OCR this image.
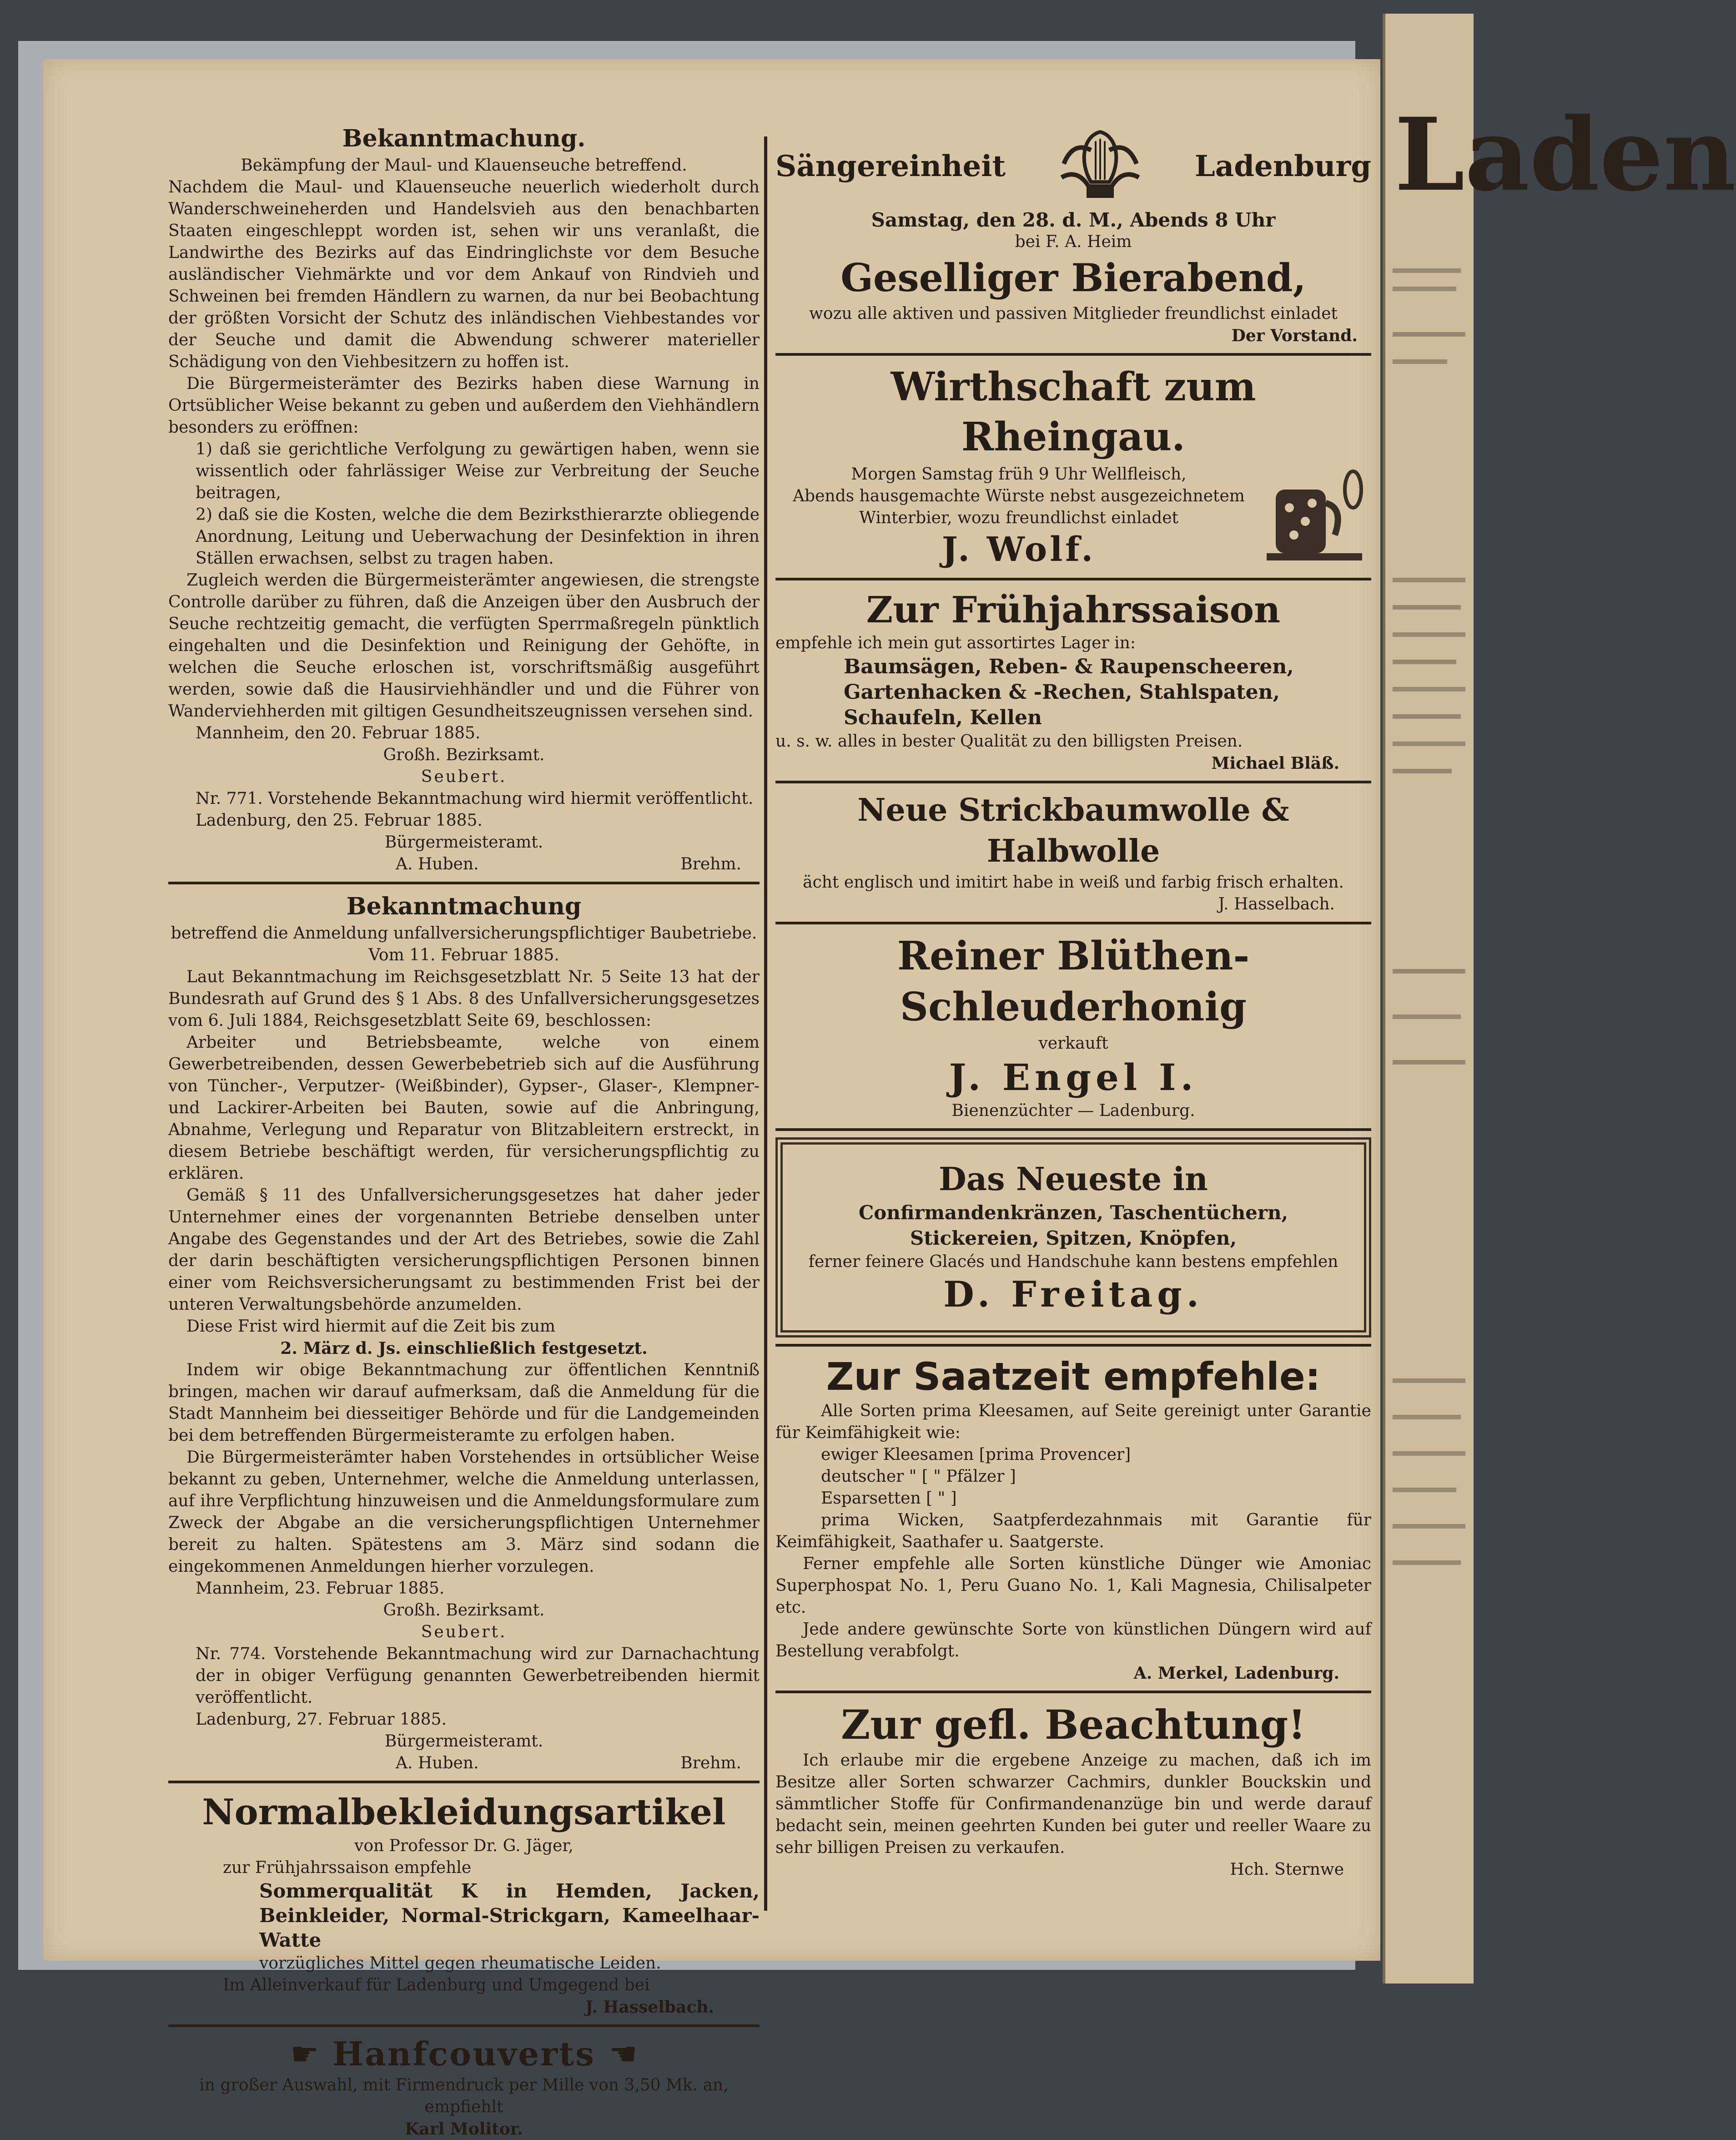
Laden
Bekanntmachung.

Bekämpfung der Maul- und Klauenseuche betreffend.

Nachdem die Maul- und Klauenseuche neuerlich wiederholt durch Wanderschweineherden und Handelsvieh aus den benachbarten Staaten eingeschleppt worden ist, sehen wir uns veranlaßt, die Landwirthe des Bezirks auf das Eindringlichste vor dem Besuche ausländischer Viehmärkte und vor dem Ankauf von Rindvieh und Schweinen bei fremden Händlern zu warnen, da nur bei Beobachtung der größten Vorsicht der Schutz des inländischen Viehbestandes vor der Seuche und damit die Abwendung schwerer materieller Schädigung von den Viehbesitzern zu hoffen ist.

Die Bürgermeisterämter des Bezirks haben diese Warnung in Ortsüblicher Weise bekannt zu geben und außerdem den Viehhändlern besonders zu eröffnen:

1) daß sie gerichtliche Verfolgung zu gewärtigen haben, wenn sie wissentlich oder fahrlässiger Weise zur Verbreitung der Seuche beitragen,

2) daß sie die Kosten, welche die dem Bezirksthierarzte obliegende Anordnung, Leitung und Ueberwachung der Desinfektion in ihren Ställen erwachsen, selbst zu tragen haben.

Zugleich werden die Bürgermeisterämter angewiesen, die strengste Controlle darüber zu führen, daß die Anzeigen über den Ausbruch der Seuche rechtzeitig gemacht, die verfügten Sperrmaßregeln pünktlich eingehalten und die Desinfektion und Reinigung der Gehöfte, in welchen die Seuche erloschen ist, vorschriftsmäßig ausgeführt werden, sowie daß die Hausirviehhändler und und die Führer von Wanderviehherden mit giltigen Gesundheitszeugnissen versehen sind.

Mannheim, den 20. Februar 1885.

Großh. Bezirksamt.

Seubert.

Nr. 771. Vorstehende Bekanntmachung wird hiermit veröffentlicht.

Ladenburg, den 25. Februar 1885.

Bürgermeisteramt.

A. Huben.	Brehm.
Bekanntmachung

betreffend die Anmeldung unfallversicherungspflichtiger Baubetriebe.

Vom 11. Februar 1885.

Laut Bekanntmachung im Reichsgesetzblatt Nr. 5 Seite 13 hat der Bundesrath auf Grund des § 1 Abs. 8 des Unfallversicherungsgesetzes vom 6. Juli 1884, Reichsgesetzblatt Seite 69, beschlossen:

Arbeiter und Betriebsbeamte, welche von einem Gewerbetreibenden, dessen Gewerbebetrieb sich auf die Ausführung von Tüncher-, Verputzer- (Weißbinder), Gypser-, Glaser-, Klempner- und Lackirer-Arbeiten bei Bauten, sowie auf die Anbringung, Abnahme, Verlegung und Reparatur von Blitzableitern erstreckt, in diesem Betriebe beschäftigt werden, für versicherungspflichtig zu erklären.

Gemäß § 11 des Unfallversicherungsgesetzes hat daher jeder Unternehmer eines der vorgenannten Betriebe denselben unter Angabe des Gegenstandes und der Art des Betriebes, sowie die Zahl der darin beschäftigten versicherungspflichtigen Personen binnen einer vom Reichsversicherungsamt zu bestimmenden Frist bei der unteren Verwaltungsbehörde anzumelden.

Diese Frist wird hiermit auf die Zeit bis zum

2. März d. Js. einschließlich festgesetzt.

Indem wir obige Bekanntmachung zur öffentlichen Kenntniß bringen, machen wir darauf aufmerksam, daß die Anmeldung für die Stadt Mannheim bei diesseitiger Behörde und für die Landgemeinden bei dem betreffenden Bürgermeisteramte zu erfolgen haben.

Die Bürgermeisterämter haben Vorstehendes in ortsüblicher Weise bekannt zu geben, Unternehmer, welche die Anmeldung unterlassen, auf ihre Verpflichtung hinzuweisen und die Anmeldungsformulare zum Zweck der Abgabe an die versicherungspflichtigen Unternehmer bereit zu halten. Spätestens am 3. März sind sodann die eingekommenen Anmeldungen hierher vorzulegen.

Mannheim, 23. Februar 1885.

Großh. Bezirksamt.

Seubert.

Nr. 774. Vorstehende Bekanntmachung wird zur Darnachachtung der in obiger Verfügung genannten Gewerbetreibenden hiermit veröffentlicht.

Ladenburg, 27. Februar 1885.

Bürgermeisteramt.

A. Huben.	Brehm.
Normalbekleidungsartikel

von Professor Dr. G. Jäger,

zur Frühjahrssaison empfehle

Sommerqualität K in Hemden, Jacken, Beinkleider, Normal-Strickgarn, Kameelhaar-Watte

vorzügliches Mittel gegen rheumatische Leiden.

Im Alleinverkauf für Ladenburg und Umgegend bei

J. Hasselbach.

☛ Hanfcouverts ☚

in großer Auswahl, mit Firmendruck per Mille von 3,50 Mk. an, empfiehlt

Karl Molitor.

Sängereinheit	Ladenburg

Samstag, den 28. d. M., Abends 8 Uhr

bei F. A. Heim

Geselliger Bierabend,

wozu alle aktiven und passiven Mitglieder freundlichst einladet

Der Vorstand.

Wirthschaft zum Rheingau.

Morgen Samstag früh 9 Uhr Wellfleisch,

Abends hausgemachte Würste nebst ausgezeichnetem Winterbier, wozu freundlichst einladet

J. Wolf.
Zur Frühjahrssaison

empfehle ich mein gut assortirtes Lager in:

Baumsägen, Reben- & Raupenscheeren, Gartenhacken & -Rechen, Stahlspaten, Schaufeln, Kellen

u. s. w. alles in bester Qualität zu den billigsten Preisen.

Michael Bläß.

Neue Strickbaumwolle & Halbwolle

ächt englisch und imitirt habe in weiß und farbig frisch erhalten.

J. Hasselbach.

Reiner Blüthen-Schleuderhonig

verkauft

J. Engel I.

Bienenzüchter — Ladenburg.

Das Neueste in

Confirmandenkränzen, Taschentüchern, Stickereien, Spitzen, Knöpfen,

ferner feinere Glacés und Handschuhe kann bestens empfehlen

D. Freitag.
Zur Saatzeit empfehle:

Alle Sorten prima Kleesamen, auf Seite gereinigt unter Garantie für Keimfähigkeit wie:

ewiger Kleesamen [prima Provencer]

deutscher " [ " Pfälzer ]

Esparsetten [ " ]

prima Wicken, Saatpferdezahnmais mit Garantie für Keimfähigkeit, Saathafer u. Saatgerste.

Ferner empfehle alle Sorten künstliche Dünger wie Amoniac Superphospat No. 1, Peru Guano No. 1, Kali Magnesia, Chilisalpeter etc.

Jede andere gewünschte Sorte von künstlichen Düngern wird auf Bestellung verabfolgt.

A. Merkel, Ladenburg.

Zur gefl. Beachtung!

Ich erlaube mir die ergebene Anzeige zu machen, daß ich im Besitze aller Sorten schwarzer Cachmirs, dunkler Bouckskin und sämmtlicher Stoffe für Confirmandenanzüge bin und werde darauf bedacht sein, meinen geehrten Kunden bei guter und reeller Waare zu sehr billigen Preisen zu verkaufen.

Hch. Sternwe
